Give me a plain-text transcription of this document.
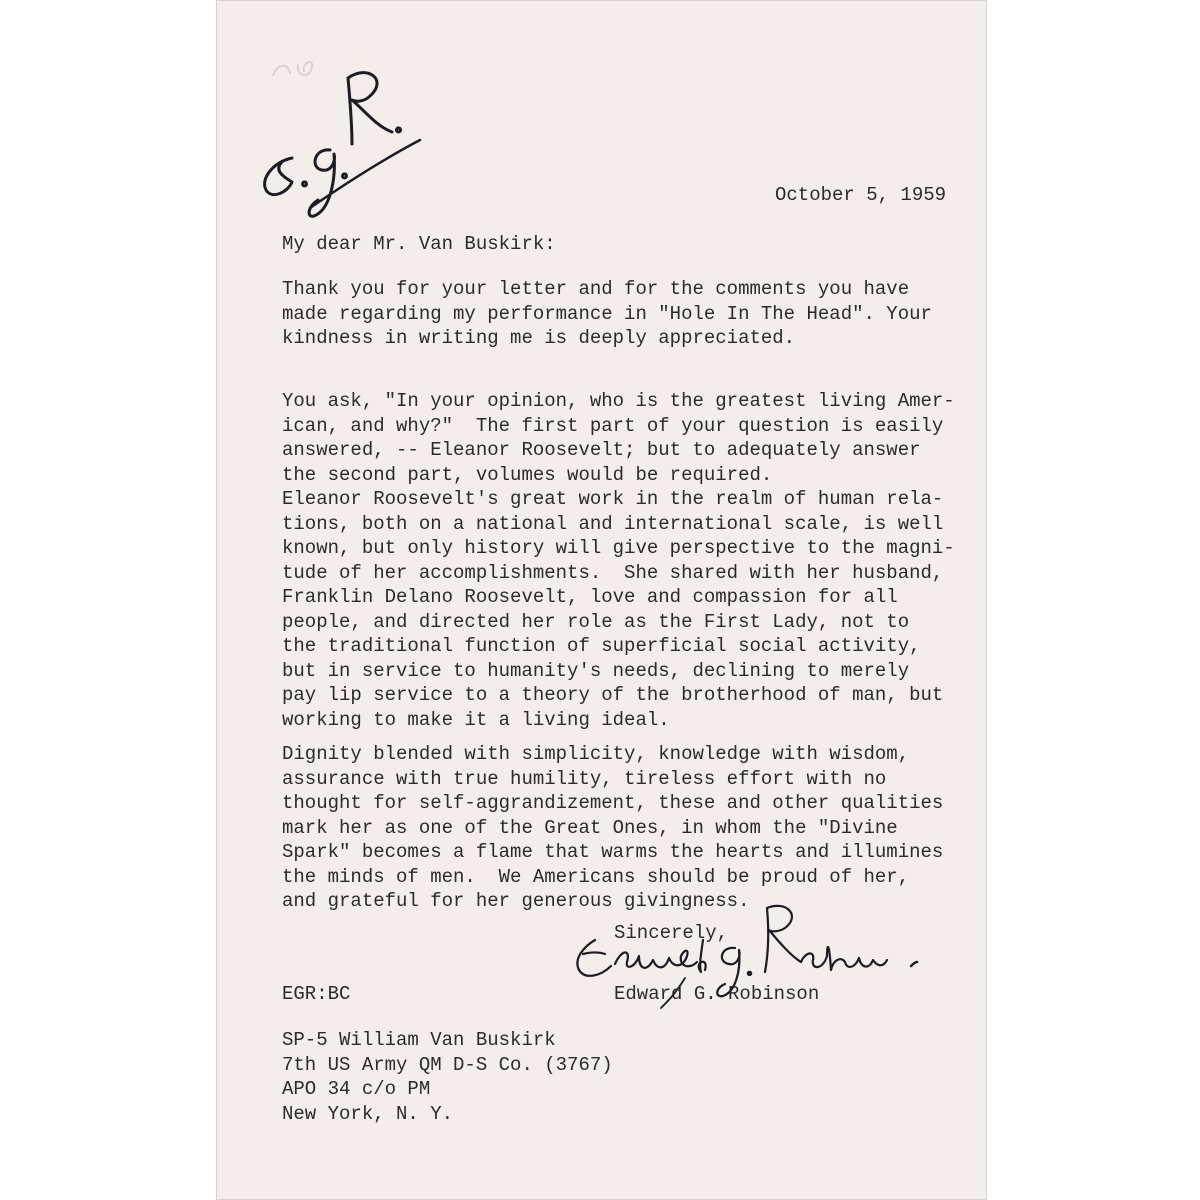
October 5, 1959

My dear Mr. Van Buskirk:

Thank you for your letter and for the comments you have
made regarding my performance in "Hole In The Head". Your
kindness in writing me is deeply appreciated.

You ask, "In your opinion, who is the greatest living Amer-
ican, and why?"  The first part of your question is easily
answered, -- Eleanor Roosevelt; but to adequately answer
the second part, volumes would be required.

Eleanor Roosevelt's great work in the realm of human rela-
tions, both on a national and international scale, is well
known, but only history will give perspective to the magni-
tude of her accomplishments.  She shared with her husband,
Franklin Delano Roosevelt, love and compassion for all
people, and directed her role as the First Lady, not to
the traditional function of superficial social activity,
but in service to humanity's needs, declining to merely
pay lip service to a theory of the brotherhood of man, but
working to make it a living ideal.

Dignity blended with simplicity, knowledge with wisdom,
assurance with true humility, tireless effort with no
thought for self-aggrandizement, these and other qualities
mark her as one of the Great Ones, in whom the "Divine
Spark" becomes a flame that warms the hearts and illumines
the minds of men.  We Americans should be proud of her,
and grateful for her generous givingness.

Sincerely,

Edward G. Robinson

EGR:BC

SP-5 William Van Buskirk
7th US Army QM D-S Co. (3767)
APO 34 c/o PM
New York, N. Y.
